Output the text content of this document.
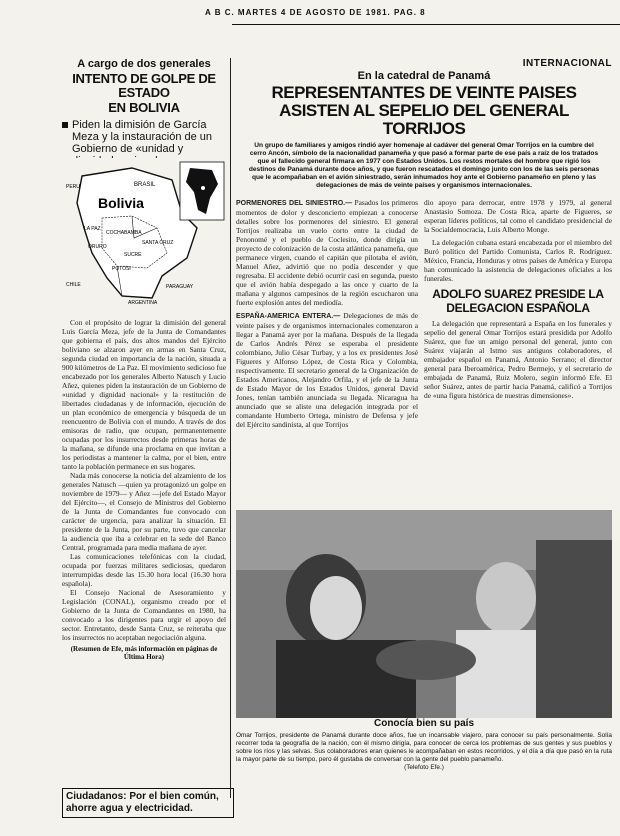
A B C. MARTES 4 DE AGOSTO DE 1981. PAG. 8
INTERNACIONAL

A cargo de dos generales

INTENTO DE GOLPE DE ESTADO
EN BOLIVIA
Piden la dimisión de García Meza y la instauración de un Gobierno de «unidad y
Bolivia
BRASIL
PERU
LA PAZ
COCHABAMBA
SANTA CRUZ
SUCRE
POTOSI
ORURO
CHILE
ARGENTINA
PARAGUAY

Con el propósito de lograr la dimisión del general Luis García Meza, jefe de la Junta de Comandantes que gobierna el país, dos altos mandos del Ejército boliviano se alzaron ayer en armas en Santa Cruz, segunda ciudad en importancia de la nación, situada a 900 kilómetros de La Paz. El movimiento sedicioso fue encabezado por los generales Alberto Natusch y Lucio Añez, quienes piden la instauración de un Gobierno de «unidad y dignidad nacional» y la restitución de libertades ciudadanas y de información, ejecución de un plan económico de emergencia y búsqueda de un reencuentro de Bolivia con el mundo. A través de dos emisoras de radio, que ocupan, permanentemente ocupadas por los insurrectos desde primeras horas de la mañana, se difunde una proclama en que invitan a los periodistas a mantener la calma, por el bien, entre tanto la población permanece en sus hogares.

Nada más conocerse la noticia del alzamiento de los generales Natusch —quien ya protagonizó un golpe en noviembre de 1979— y Añez —jefe del Estado Mayor del Ejército—, el Consejo de Ministros del Gobierno de la Junta de Comandantes fue convocado con carácter de urgencia, para analizar la situación. El presidente de la Junta, por su parte, tuvo que cancelar la audiencia que iba a celebrar en la sede del Banco Central, programada para media mañana de ayer.

Las comunicaciones telefónicas con la ciudad, ocupada por fuerzas militares sediciosas, quedaron interrumpidas desde las 15.30 hora local (16.30 hora española).

El Consejo Nacional de Asesoramiento y Legislación (CONAL), organismo creado por el Gobierno de la Junta de Comandantes en 1980, ha convocado a los dirigentes para urgir el apoyo del sector. Entretanto, desde Santa Cruz, se reiteraba que los insurrectos no aceptaban negociación alguna.

(Resumen de Efe, más información en páginas de Última Hora)
Ciudadanos: Por el bien común,
ahorre agua y electricidad.
En la catedral de Panamá
REPRESENTANTES DE VEINTE PAISES ASISTEN AL SEPELIO DEL GENERAL TORRIJOS

Un grupo de familiares y amigos rindió ayer homenaje al cadáver del general Omar Torrijos en la cumbre del cerro Ancón, símbolo de la nacionalidad panameña y que pasó a formar parte de ese país a raíz de los tratados que el fallecido general firmara en 1977 con Estados Unidos. Los restos mortales del hombre que rigió los destinos de Panamá durante doce años, y que fueron rescatados el domingo junto con los de las seis personas que le acompañaban en el avión siniestrado, serán inhumados hoy ante el Gobierno panameño en pleno y las delegaciones de más de veinte países y organismos internacionales.

PORMENORES DEL SINIESTRO.— Pasados los primeros momentos de dolor y desconcierto empiezan a conocerse detalles sobre los pormenores del siniestro. El general Torrijos realizaba un vuelo corto entre la ciudad de Penonomé y el pueblo de Coclesito, donde dirigía un proyecto de colonización de la costa atlántica panameña, que permanece virgen, cuando el capitán que pilotaba el avión, Manuel Añez, advirtió que no podía descender y que regresaba. El accidente debió ocurrir casi en segunda, puesto que el avión había despegado a las once y cuarto de la mañana y algunos campesinos de la región escucharon una fuerte explosión antes del mediodía.

ESPAÑA-AMERICA ENTERA.— Delegaciones de más de veinte países y de organismos internacionales comenzaron a llegar a Panamá ayer por la mañana. Después de la llegada de Carlos Andrés Pérez se esperaba el presidente colombiano, Julio César Turbay, y a los ex presidentes José Figueres y Alfonso López, de Costa Rica y Colombia, respectivamente. El secretario general de la Organización de Estados Americanos, Alejandro Orfila, y el jefe de la Junta de Estado Mayor de los Estados Unidos, general David Jones, tenían también anunciada su llegada. Nicaragua ha anunciado que se aliste una delegación integrada por el comandante Humberto Ortega, ministro de Defensa y jefe del Ejército sandinista, al que Torrijos

dio apoyo para derrocar, entre 1978 y 1979, al general Anastasio Somoza. De Costa Rica, aparte de Figueres, se esperan líderes políticos, tal como el candidato presidencial de la Socialdemocracia, Luis Alberto Monge.

La delegación cubana estará encabezada por el miembro del Buró político del Partido Comunista, Carlos R. Rodríguez. México, Francia, Honduras y otros países de América y Europa han comunicado la asistencia de delegaciones oficiales a los funerales.

ADOLFO SUAREZ PRESIDE LA DELEGACION ESPAÑOLA

La delegación que representará a España en los funerales y sepelio del general Omar Torrijos estará presidida por Adolfo Suárez, que fue un amigo personal del general, junto con Suárez viajarán al Istmo sus antiguos colaboradores, el embajador español en Panamá, Antonio Serrano; el director general para Iberoamérica, Pedro Bermejo, y el secretario de embajada de Panamá, Ruiz Molero, según informó Efe. El señor Suárez, antes de partir hacia Panamá, calificó a Torrijos de «una figura histórica de nuestras dimensiones».

Conocía bien su país
Omar Torrijos, presidente de Panamá durante doce años, fue un incansable viajero, para conocer su país personalmente. Solía recorrer toda la geografía de la nación, con él mismo dirigía, para conocer de cerca los problemas de sus gentes y sus pueblos y sobre los ríos y las selvas. Sus colaboradores eran quienes le acompañaban en estos recorridos, y el día a día que pasó en la ruta la mayor parte de su tiempo, pero él gustaba de conversar con la gente del pueblo panameño.
(Telefoto Efe.)
